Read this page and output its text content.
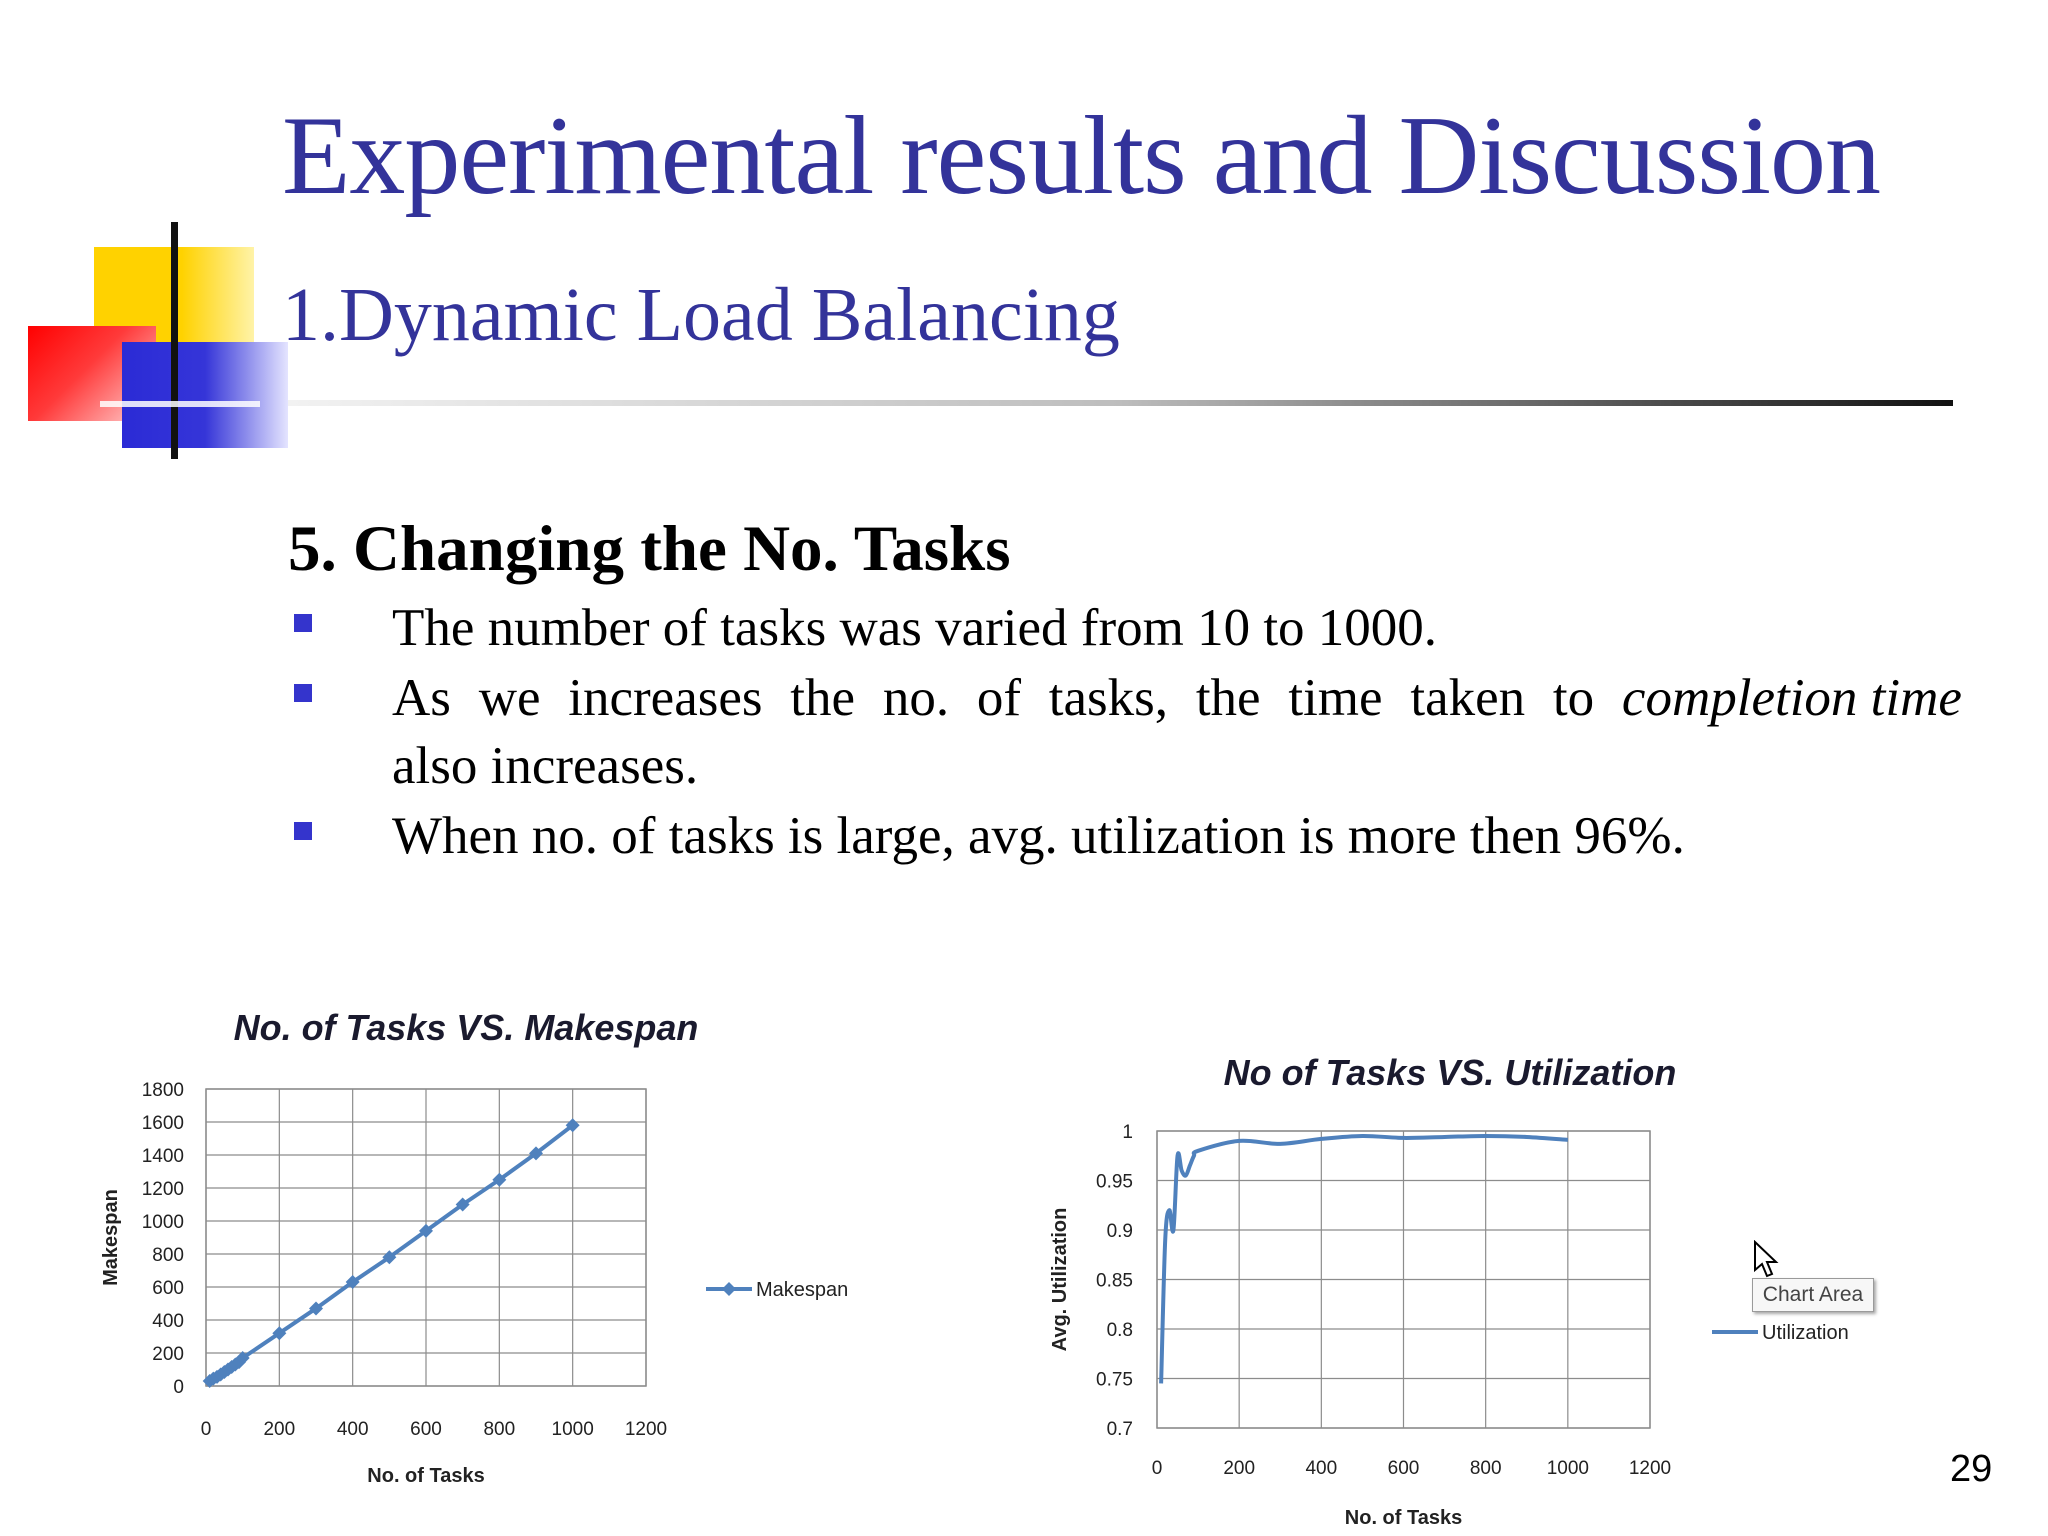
Experimental results and Discussion
1.Dynamic Load Balancing
5. Changing the No. Tasks
The number of tasks was varied from 10 to 1000.
As we increases the no. of tasks, the time taken to completion time
also increases.
When no. of tasks is large, avg. utilization is more then 96%.
No. of Tasks VS. Makespan
0
200
400
600
800
1000
1200
1400
1600
1800
0	200 400 600 800 1000 1200
No. of Tasks
Makespan
Makespan
No of Tasks VS. Utilization
0.7
0.75
0.8
0.85
0.9
0.95
1
0	200	400	600	800 1000 1200
No. of Tasks
Avg. Utilization	Utilization
Chart Area
29
